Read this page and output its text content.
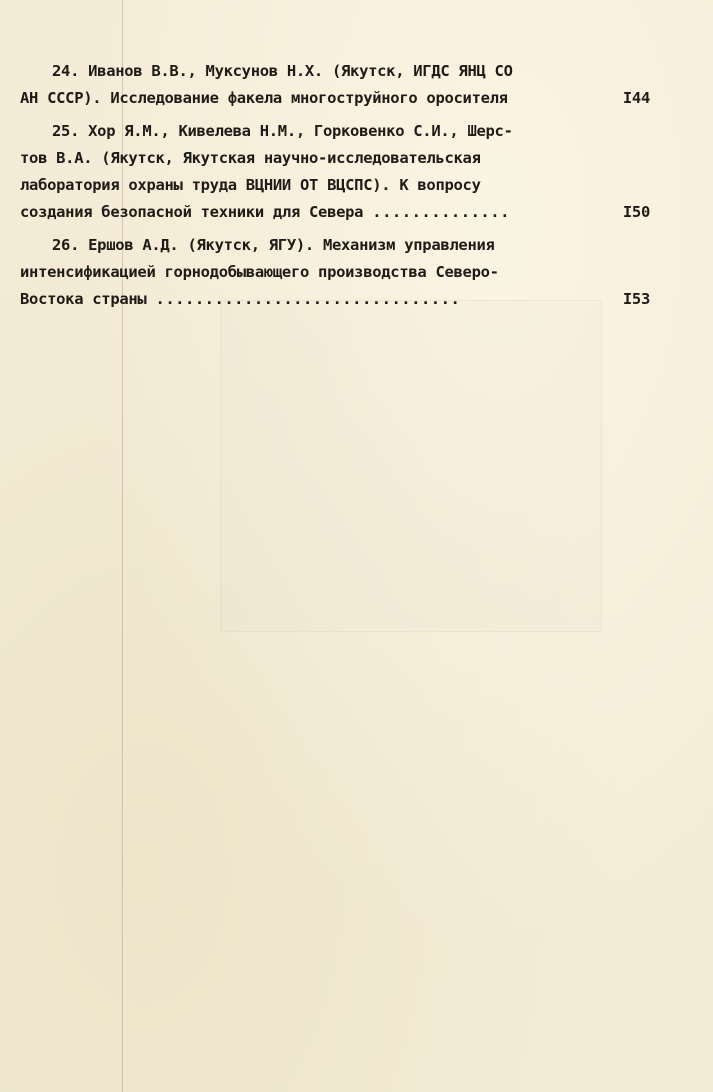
24. Иванов В.В., Муксунов Н.Х. (Якутск, ИГДС ЯНЦ СО
АН СССР). Исследование факела многоструйного оросителя	I44
25. Хор Я.М., Кивелева Н.М., Горковенко С.И., Шерс-
тов В.А. (Якутск, Якутская научно-исследовательская
лаборатория охраны труда ВЦНИИ ОТ ВЦСПС). К вопросу
создания безопасной техники для Севера ..............	I50
26. Ершов А.Д. (Якутск, ЯГУ). Механизм управления
интенсификацией горнодобывающего производства Северо-
Востока страны ...............................	I53
